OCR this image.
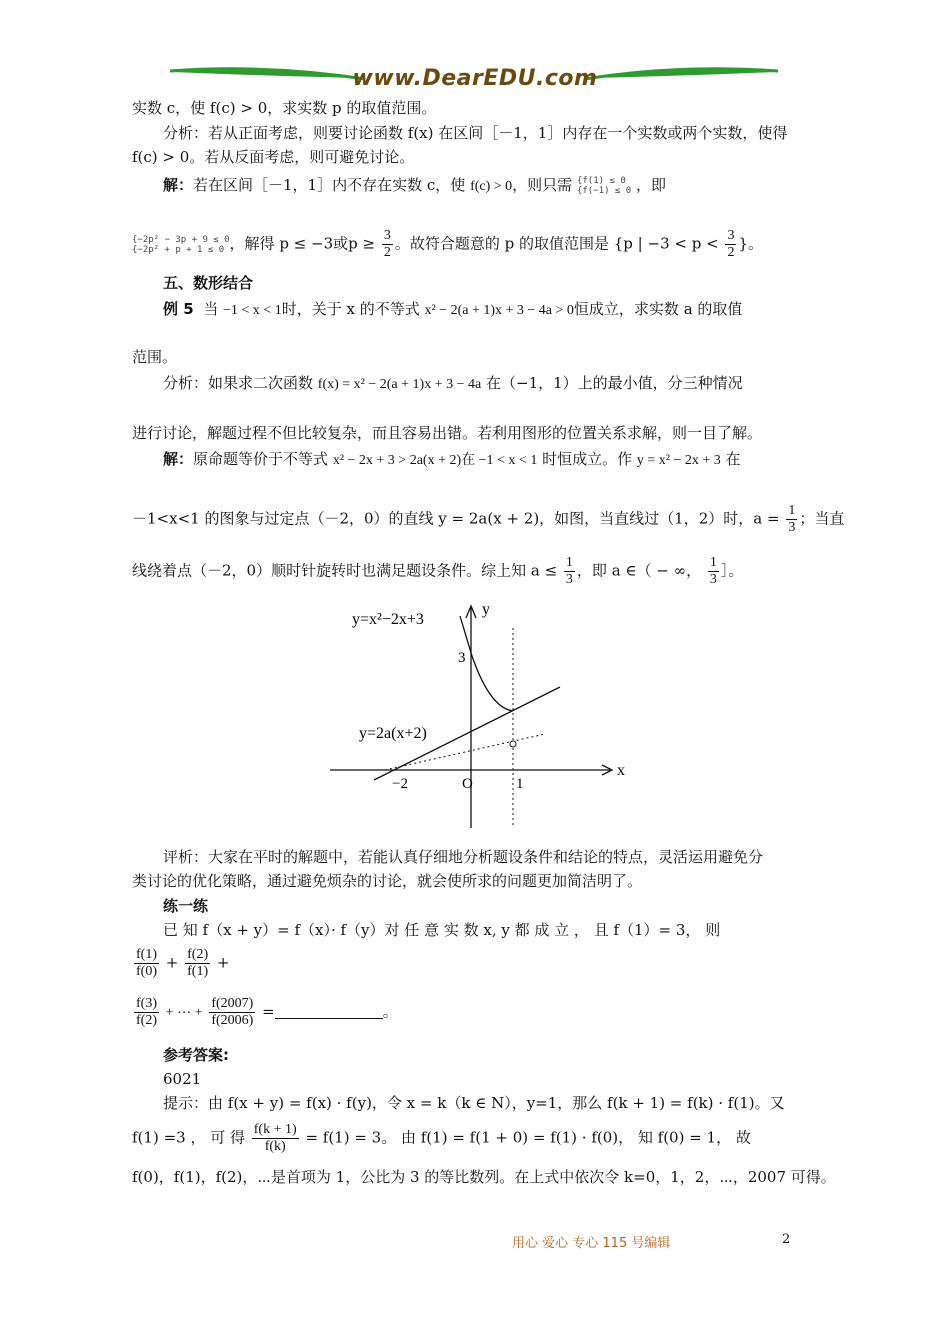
www.DearEDU.com
实数 c，使 f(c) > 0，求实数 p 的取值范围。
分析：若从正面考虑，则要讨论函数 f(x) 在区间［－1，1］内存在一个实数或两个实数，使得
f(c) > 0。若从反面考虑，则可避免讨论。
解：若在区间［－1，1］内不存在实数 c，使 f(c) > 0，则只需 {f(1) ≤ 0
{f(−1) ≤ 0 ，即
{−2p² − 3p + 9 ≤ 0
{−2p² + p + 1 ≤ 0 ，解得 p ≤ −3或$p \ge \frac{3}{2}$ 。故符合题意的 p 的取值范围是 {p | $-3 < p < \frac{3}{2}$ }。
五、数形结合
例 5 当 −1 < x < 1时，关于 x 的不等式 x² − 2(a + 1)x + 3 − 4a > 0恒成立，求实数 a 的取值
范围。
分析：如果求二次函数 f(x) = x² − 2(a + 1)x + 3 − 4a 在（−1，1）上的最小值，分三种情况
进行讨论，解题过程不但比较复杂，而且容易出错。若利用图形的位置关系求解，则一目了解。
解：原命题等价于不等式 x² − 2x + 3 > 2a(x + 2)在 −1 < x < 1 时恒成立。作 y = x² − 2x + 3 在
－1<x<1 的图象与过定点（－2，0）的直线 y = 2a(x + 2)，如图，当直线过（1，2）时，$a = \frac{1}{3}$ ；当直
线绕着点（－2，0）顺时针旋转时也满足题设条件。综上知 $a \le \frac{1}{3}$ ，即 a ∈（ − ∞， $\frac{1}{3}$ ］。
y=x²−2x+3
y=2a(x+2)
y
x
3
−2	O	1
评析：大家在平时的解题中，若能认真仔细地分析题设条件和结论的特点，灵活运用避免分
类讨论的优化策略，通过避免烦杂的讨论，就会使所求的问题更加简洁明了。
练一练
已 知 f（x + y）= f（x）· f（y）对 任 意 实 数 x, y 都 成 立 ， 且 f（1）= 3， 则
$\frac{f(1)}{f(0)} + \frac{f(2)}{f(1)}$ +
$\frac{f(3)}{f(2)}$ + ⋯ + $\frac{f(2007)}{f(2006)}$ =	。
参考答案:
6021
提示：由 f(x + y) = f(x) · f(y)，令 x = k（k ∈ N），y=1，那么 f(k + 1) = f(k) · f(1)。又
f(1) =3 ， 可 得 $\frac{f(k + 1)}{f(k)} = f(1) = 3$。 由 f(1) = f(1 + 0) = f(1) · f(0)， 知 f(0) = 1， 故
f(0)，f(1)，f(2)，⋯是首项为 1，公比为 3 的等比数列。在上式中依次令 k=0，1，2，⋯，2007 可得。
用心 爱心 专心 115 号编辑	2
